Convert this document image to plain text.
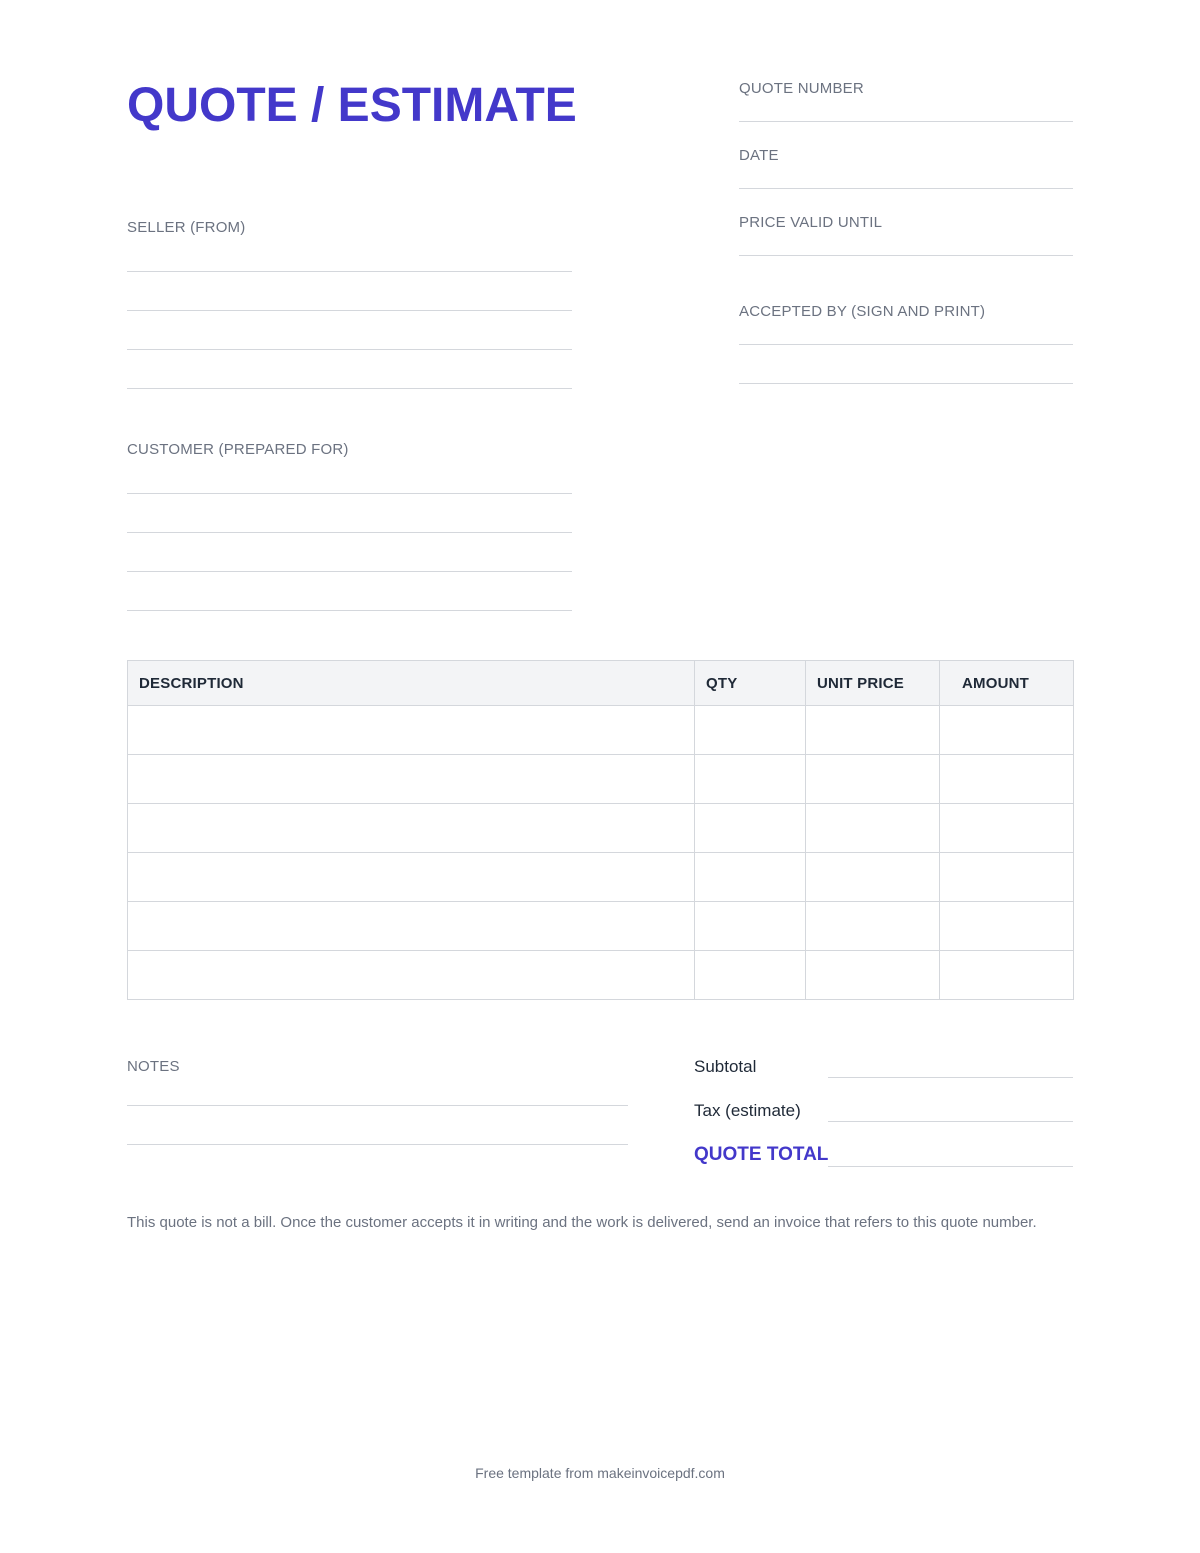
QUOTE / ESTIMATE	QUOTE NUMBER
DATE
PRICE VALID UNTIL
ACCEPTED BY (SIGN AND PRINT)
SELLER (FROM)
CUSTOMER (PREPARED FOR)
DESCRIPTION	QTY	UNIT PRICE	AMOUNT

NOTES	Subtotal
Tax (estimate)
QUOTE TOTAL
This quote is not a bill. Once the customer accepts it in writing and the work is delivered, send an invoice that refers to this quote number.
Free template from makeinvoicepdf.com
